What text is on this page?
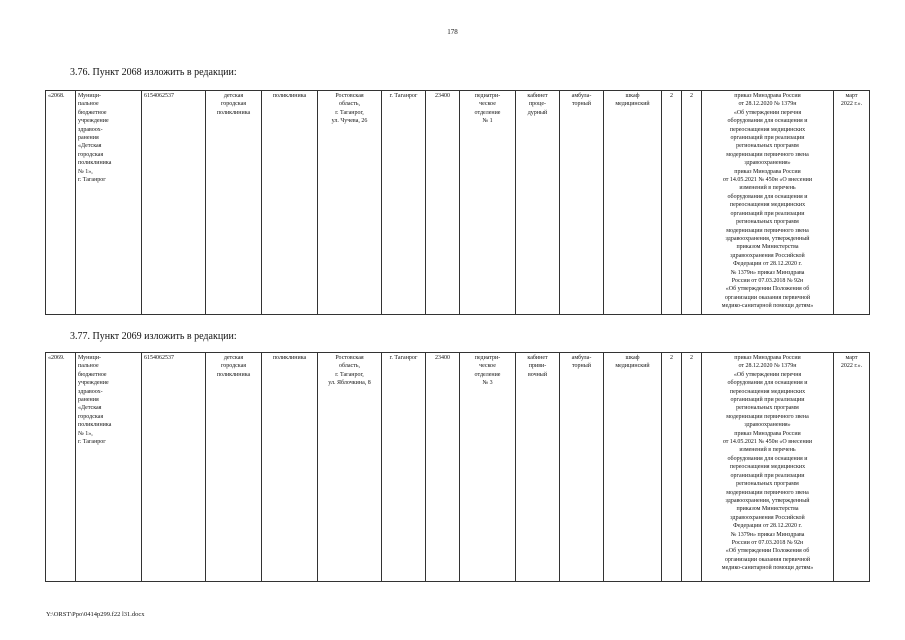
178
3.76. Пункт 2068 изложить в редакции:
«2068.	Муници-
пальное
бюджетное
учреждение
здравоох-
ранения
«Детская
городская
поликлиника
№ 1»,
г. Таганрог	6154062537	детская
городская
поликлиника	поликлиника	Ростовская
область,
г. Таганрог,
ул. Чучева, 26	г. Таганрог	23400	педиатри-
ческое
отделение
№ 1	кабинет
проце-
дурный	амбула-
торный	шкаф
медицинский	2	2	приказ Минздрава России
от 28.12.2020 № 1379н
«Об утверждении перечня
оборудования для оснащения и
переоснащения медицинских
организаций при реализации
региональных программ
модернизации первичного звена
здравоохранения»
приказ Минздрава России
от 14.05.2021 № 450н «О внесении
изменений в перечень
оборудования для оснащения и
переоснащения медицинских
организаций при реализации
региональных программ
модернизации первичного звена
здравоохранения, утвержденный
приказом Министерства
здравоохранения Российской
Федерации от 28.12.2020 г.
№ 1379н» приказ Минздрава
России от 07.03.2018 № 92н
«Об утверждении Положения об
организации оказания первичной
медико-санитарной помощи детям»	март
2022 г.».
3.77. Пункт 2069 изложить в редакции:
«2069.	Муници-
пальное
бюджетное
учреждение
здравоох-
ранения
«Детская
городская
поликлиника
№ 1»,
г. Таганрог	6154062537	детская
городская
поликлиника	поликлиника	Ростовская
область,
г. Таганрог,
ул. Яблочкина, 8	г. Таганрог	23400	педиатри-
ческое
отделение
№ 3	кабинет
приви-
вочный	амбула-
торный	шкаф
медицинский	2	2	приказ Минздрава России
от 28.12.2020 № 1379н
«Об утверждении перечня
оборудования для оснащения и
переоснащения медицинских
организаций при реализации
региональных программ
модернизации первичного звена
здравоохранения»
приказ Минздрава России
от 14.05.2021 № 450н «О внесении
изменений в перечень
оборудования для оснащения и
переоснащения медицинских
организаций при реализации
региональных программ
модернизации первичного звена
здравоохранения, утвержденный
приказом Министерства
здравоохранения Российской
Федерации от 28.12.2020 г.
№ 1379н» приказ Минздрава
России от 07.03.2018 № 92н
«Об утверждении Положения об
организации оказания первичной
медико-санитарной помощи детям»	март
2022 г.».
Y:\ORST\Ppo\0414p299.f22 l31.docx
